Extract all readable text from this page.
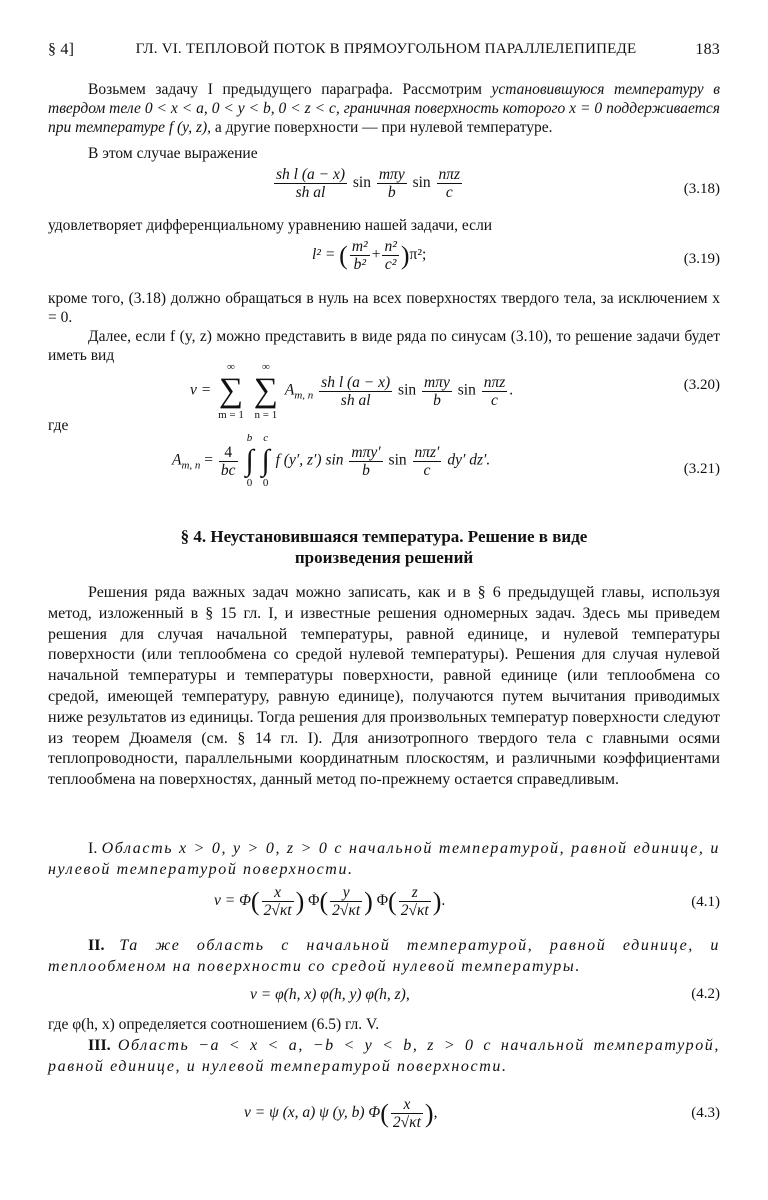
§ 4]	ГЛ. VI. ТЕПЛОВОЙ ПОТОК В ПРЯМОУГОЛЬНОМ ПАРАЛЛЕЛЕПИПЕДЕ	183
Возьмем задачу I предыдущего параграфа. Рассмотрим установившуюся температуру в твердом теле 0 < x < a, 0 < y < b, 0 < z < c, граничная поверхность которого x = 0 поддерживается при температуре f (y, z), а другие поверхности — при нулевой температуре.
В этом случае выражение
$\frac{\text{sh l (a − x)}}{\text{sh al}}$ $\sin \frac{\text{mπy}}{b}$ $\sin \frac{\text{nπz}}{c}$	(3.18)
удовлетворяет дифференциальному уравнению нашей задачи, если
l² = ( $\frac{\text{m²}}{\text{b²}} + \frac{\text{n²}}{\text{c²}} )\pi^2$;	(3.19)
кроме того, (3.18) должно обращаться в нуль на всех поверхностях твердого тела, за исключением x = 0.
Далее, если f (y, z) можно представить в виде ряда по синусам (3.10), то решение задачи будет иметь вид
v =
∞
∑
m = 1

∞
∑
n = 1
$A_{m, n} \frac{\text{sh l (a − x)}}{\text{sh al}}$ $\sin \frac{\text{mπy}}{b}$ $\sin \frac{\text{nπz}}{c}$ .	(3.20)
где
$A_{m, n} = \frac{4}{bc}$

b
∫
0

c
∫
0
f (y′, z′) $\sin \frac{\text{mπy′}}{b}$ $\sin \frac{\text{nπz′}}{c} dy'$ dz′.
(3.21)
§ 4. Неустановившаяся температура. Решение в виде
произведения решений
Решения ряда важных задач можно записать, как и в § 6 предыдущей главы, используя метод, изложенный в § 15 гл. I, и известные решения одномерных задач. Здесь мы приведем решения для случая начальной температуры, равной единице, и нулевой температуры поверхности (или теплообмена со средой нулевой температуры). Решения для случая нулевой начальной температуры и температуры поверхности, равной единице (или теплообмена со средой, имеющей температуру, равную единице), получаются путем вычитания приводимых ниже результатов из единицы. Тогда решения для произвольных температур поверхности следуют из теорем Дюамеля (см. § 14 гл. I). Для анизотропного твердого тела с главными осями теплопроводности, параллельными координатным плоскостям, и различными коэффициентами теплообмена на поверхностях, данный метод по-прежнему остается справедливым.
I. Область x > 0, y > 0, z > 0 с начальной температурой, равной единице, и нулевой температурой поверхности.
$v = \Phi( \frac{x}{2√\kappa t}$ ) $\Phi( \frac{y}{2√\kappa t}$ ) $\Phi( \frac{z}{2√\kappa t}$ ).	(4.1)
II. Та же область с начальной температурой, равной единице, и теплообменом на поверхности со средой нулевой температуры.
v = φ(h, x) φ(h, y) φ(h, z),	(4.2)
где φ(h, x) определяется соотношением (6.5) гл. V.
III. Область −a < x < a, −b < y < b, z > 0 с начальной температурой, равной единице, и нулевой температурой поверхности.
v = ψ (x, a) ψ (y, b) $\Phi( \frac{x}{2√\kappa t}$ ),	(4.3)
